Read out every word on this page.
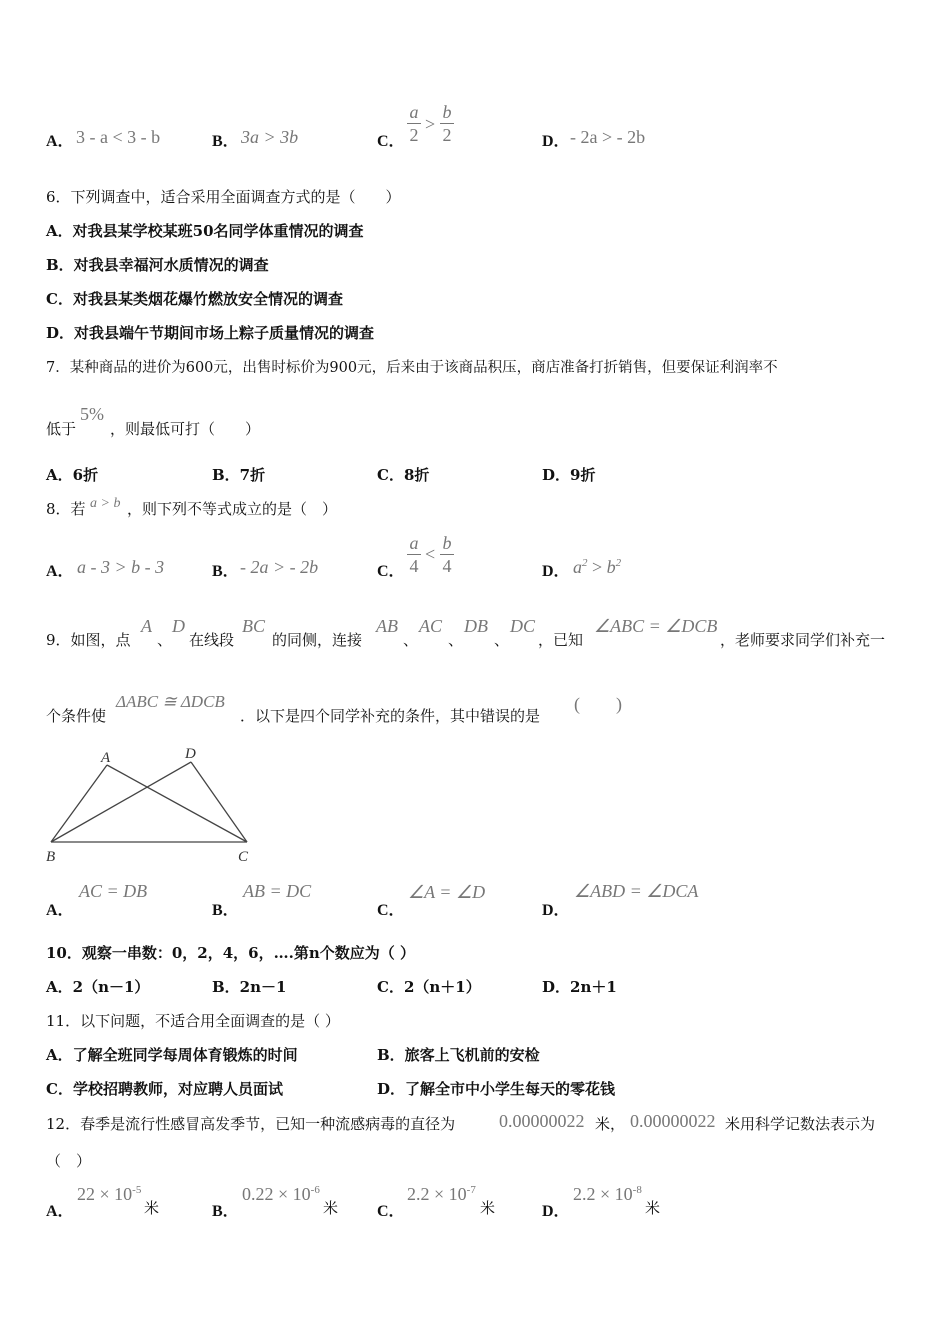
A． 3 - a < 3 - b	B． 3a > 3b	C．
a
2
>
b
2	D． - 2a > - 2b
6．下列调查中，适合采用全面调查方式的是（　　）
A．对我县某学校某班50名同学体重情况的调查
B．对我县幸福河水质情况的调查
C．对我县某类烟花爆竹燃放安全情况的调查
D．对我县端午节期间市场上粽子质量情况的调查
7．某种商品的进价为600元，出售时标价为900元，后来由于该商品积压，商店准备打折销售，但要保证利润率不
低于
5%
，则最低可打（　　）
A．6折	B．7折	C．8折	D．9折
8．若 a > b ，则下列不等式成立的是（　）
A． a - 3 > b - 3	B． - 2a > - 2b	C．
a
4
<
b
4	D． $a^2 > b^2$
9．如图，点
A
、
D
在线段
BC
的同侧，连接
AB
、
AC
、
DB
、
DC
，已知
∠ABC = ∠DCB
，老师要求同学们补充一
个条件使
ΔABC ≅ ΔDCB
．以下是四个同学补充的条件，其中错误的是
(　　)
A	D
B	C
A．
AC = DB
B．
AB = DC
C．
∠A = ∠D
D．
∠ABD = ∠DCA
10．观察一串数：0，2，4，6，….第n个数应为（ ）
A．2（n－1）	B．2n－1	C．2（n＋1）	D．2n＋1
11．以下问题，不适合用全面调查的是（ ）
A．了解全班同学每周体育锻炼的时间	B．旅客上飞机前的安检
C．学校招聘教师，对应聘人员面试	D．了解全市中小学生每天的零花钱
12．春季是流行性感冒高发季节，已知一种流感病毒的直径为 0.00000022 米， 0.00000022 米用科学记数法表示为
（　）
A．
$22 \times 10^{-5}$
米	B．
$0.22 \times 10^{-6}$
米 C．
$2.2 \times 10^{-7}$
米	D．
$2.2 \times 10^{-8}$
米
